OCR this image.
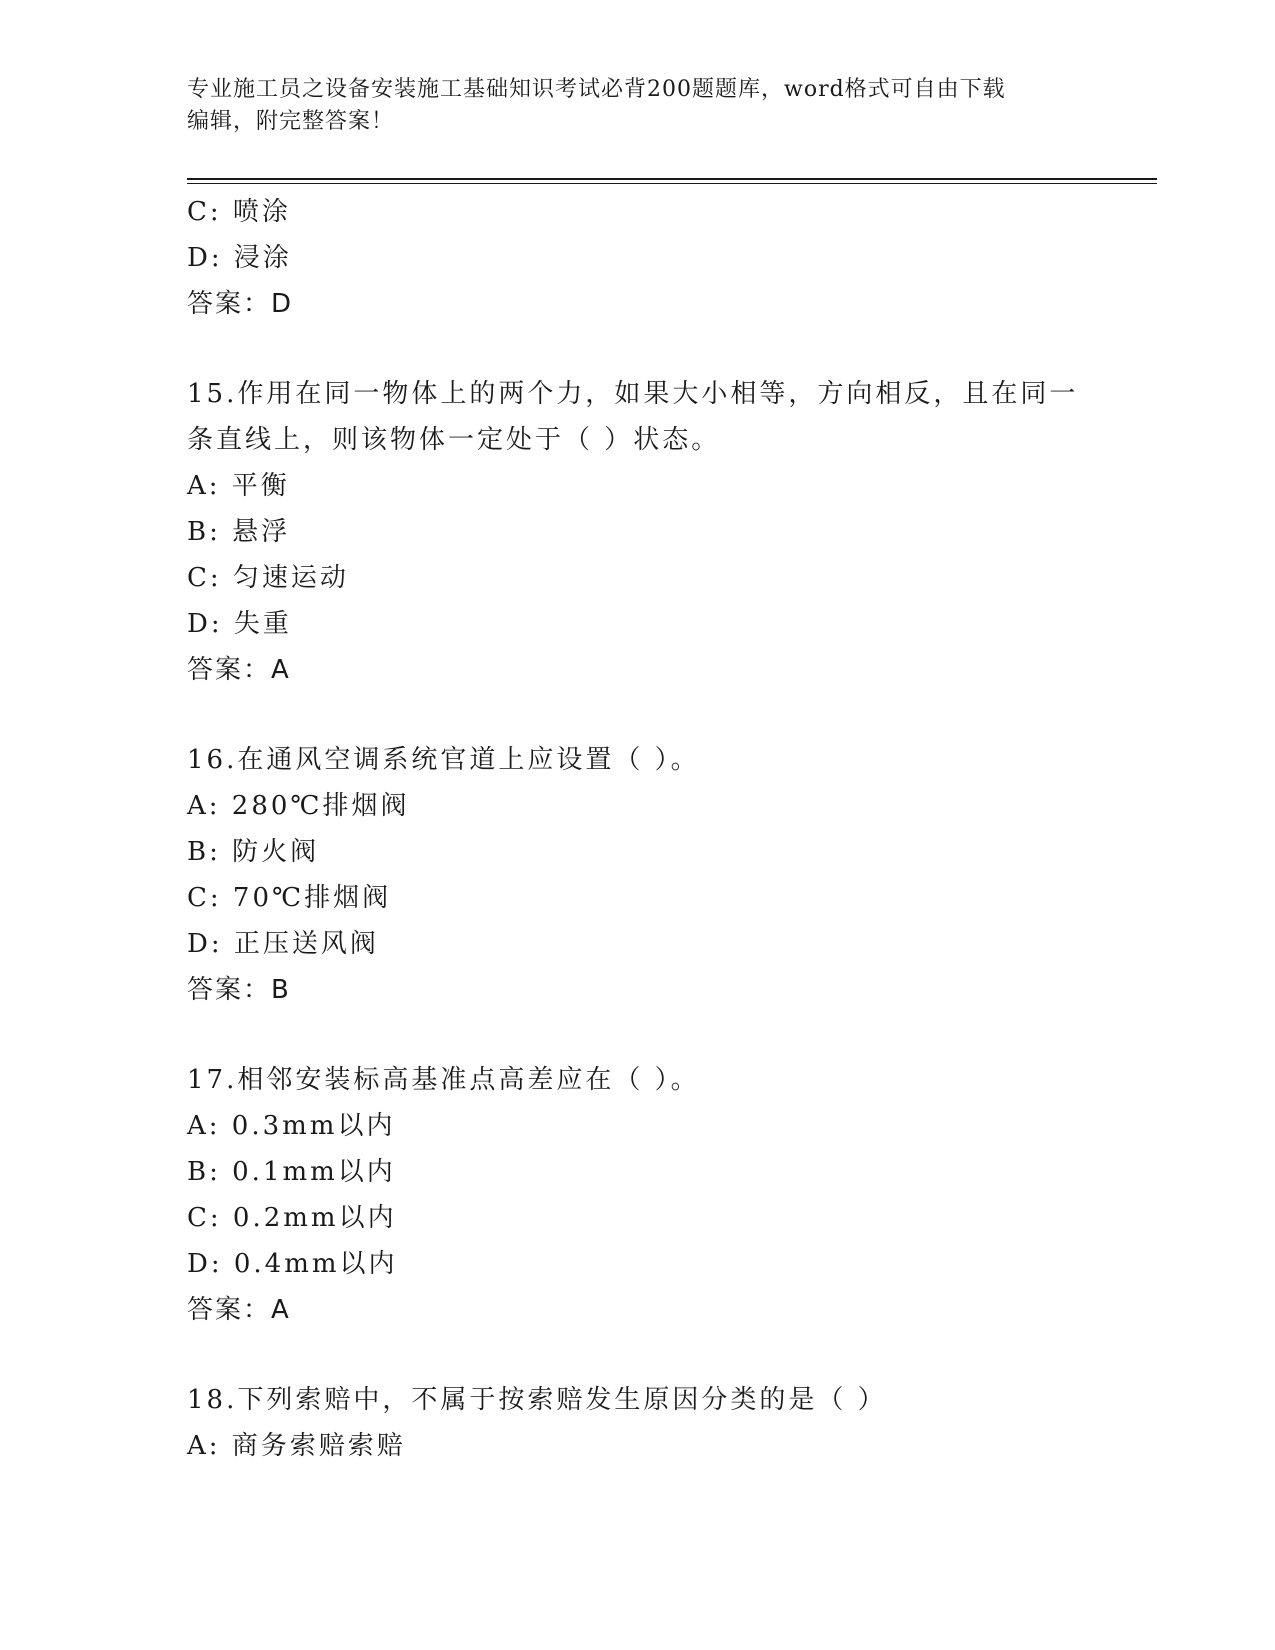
专业施工员之设备安装施工基础知识考试必背200题题库，word格式可自由下载
编辑，附完整答案！
C: 喷涂
D: 浸涂
答案：D
15.作用在同一物体上的两个力，如果大小相等，方向相反，且在同一
条直线上，则该物体一定处于（ ）状态。
A: 平衡
B: 悬浮
C: 匀速运动
D: 失重
答案：A
16.在通风空调系统官道上应设置（ ）。
A: 280℃排烟阀
B: 防火阀
C: 70℃排烟阀
D: 正压送风阀
答案：B
17.相邻安装标高基准点高差应在（ ）。
A: 0.3mm以内
B: 0.1mm以内
C: 0.2mm以内
D: 0.4mm以内
答案：A
18.下列索赔中，不属于按索赔发生原因分类的是（ ）
A: 商务索赔索赔
